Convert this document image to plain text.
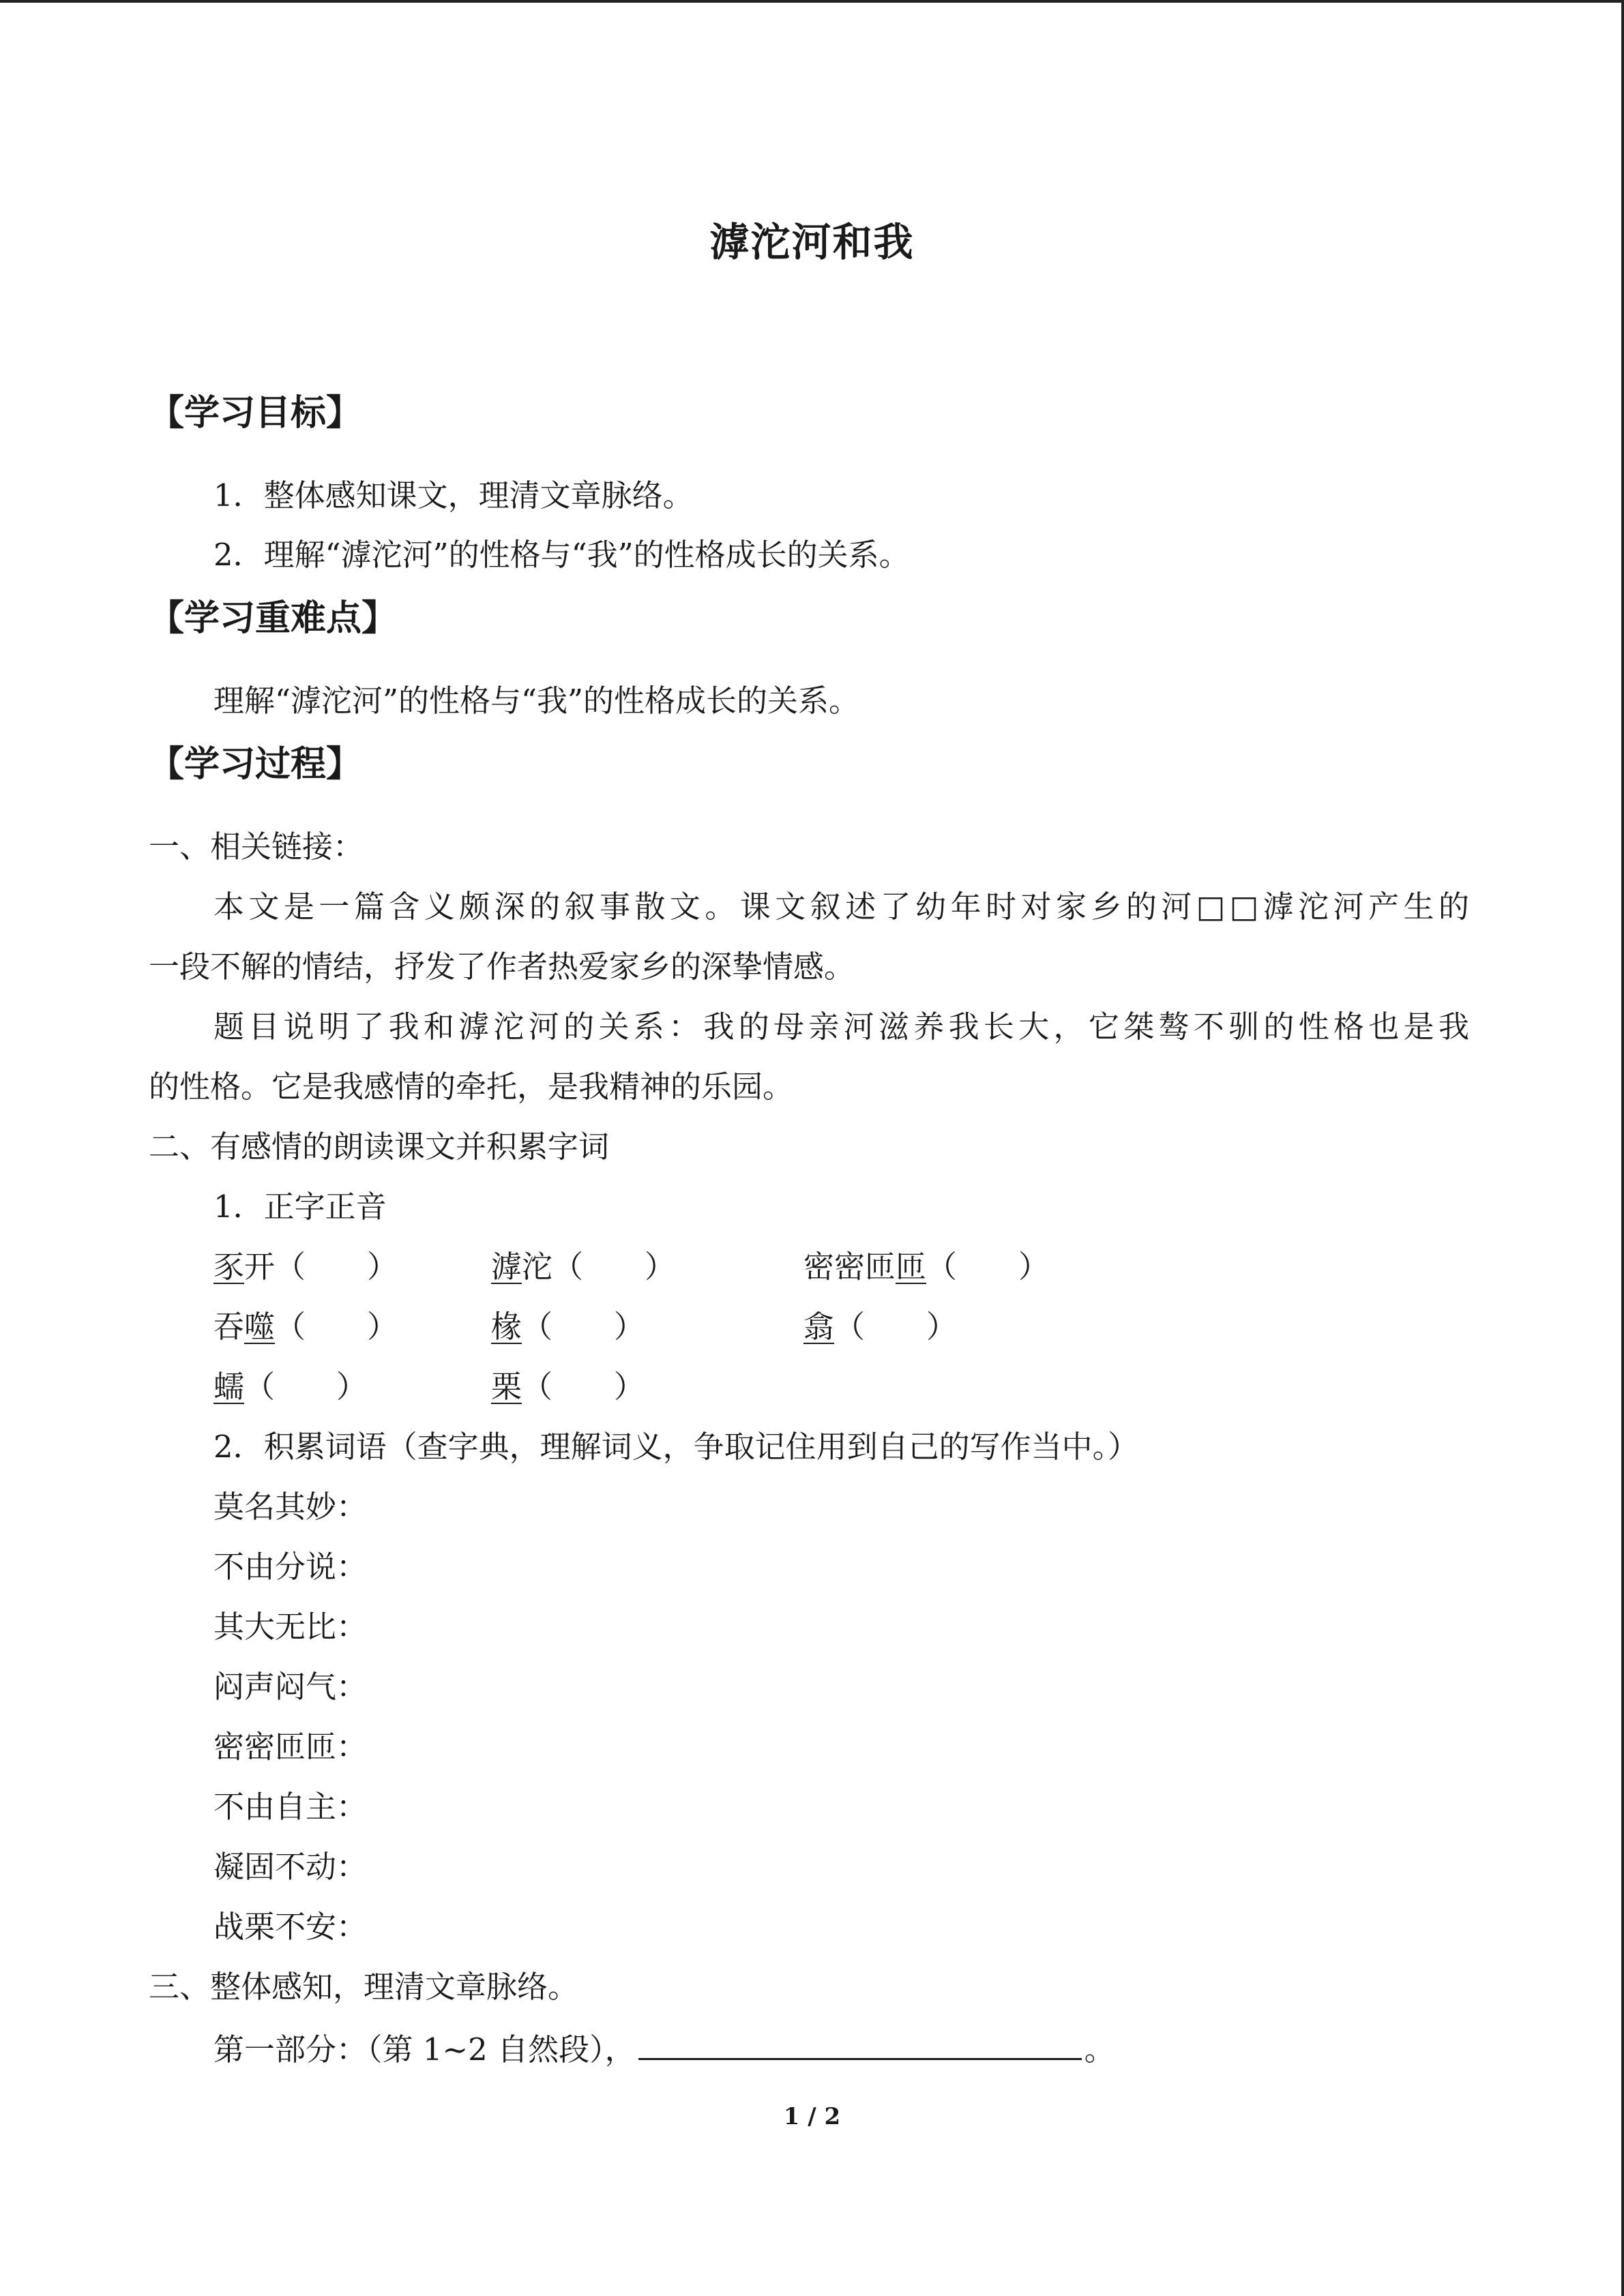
滹沱河和我
【学习目标】
1．整体感知课文，理清文章脉络。
2．理解“滹沱河”的性格与“我”的性格成长的关系。
【学习重难点】
理解“滹沱河”的性格与“我”的性格成长的关系。
【学习过程】
一、相关链接：
本文是一篇含义颇深的叙事散文。课文叙述了幼年时对家乡的河□□滹沱河产生的
一段不解的情结，抒发了作者热爱家乡的深挚情感。
题目说明了我和滹沱河的关系：我的母亲河滋养我长大，它桀骜不驯的性格也是我
的性格。它是我感情的牵托，是我精神的乐园。
二、有感情的朗读课文并积累字词
1．正字正音
豕开（　　）	滹沱（　　）	密密匝匝（　　）
吞噬（　　）	椽（　　）	翕（　　）
蠕（　　）	栗（　　）
2．积累词语（查字典，理解词义，争取记住用到自己的写作当中。）
莫名其妙：
不由分说：
其大无比：
闷声闷气：
密密匝匝：
不由自主：
凝固不动：
战栗不安：
三、整体感知，理清文章脉络。
第一部分：（第 1~2 自然段），	。
1 / 2
